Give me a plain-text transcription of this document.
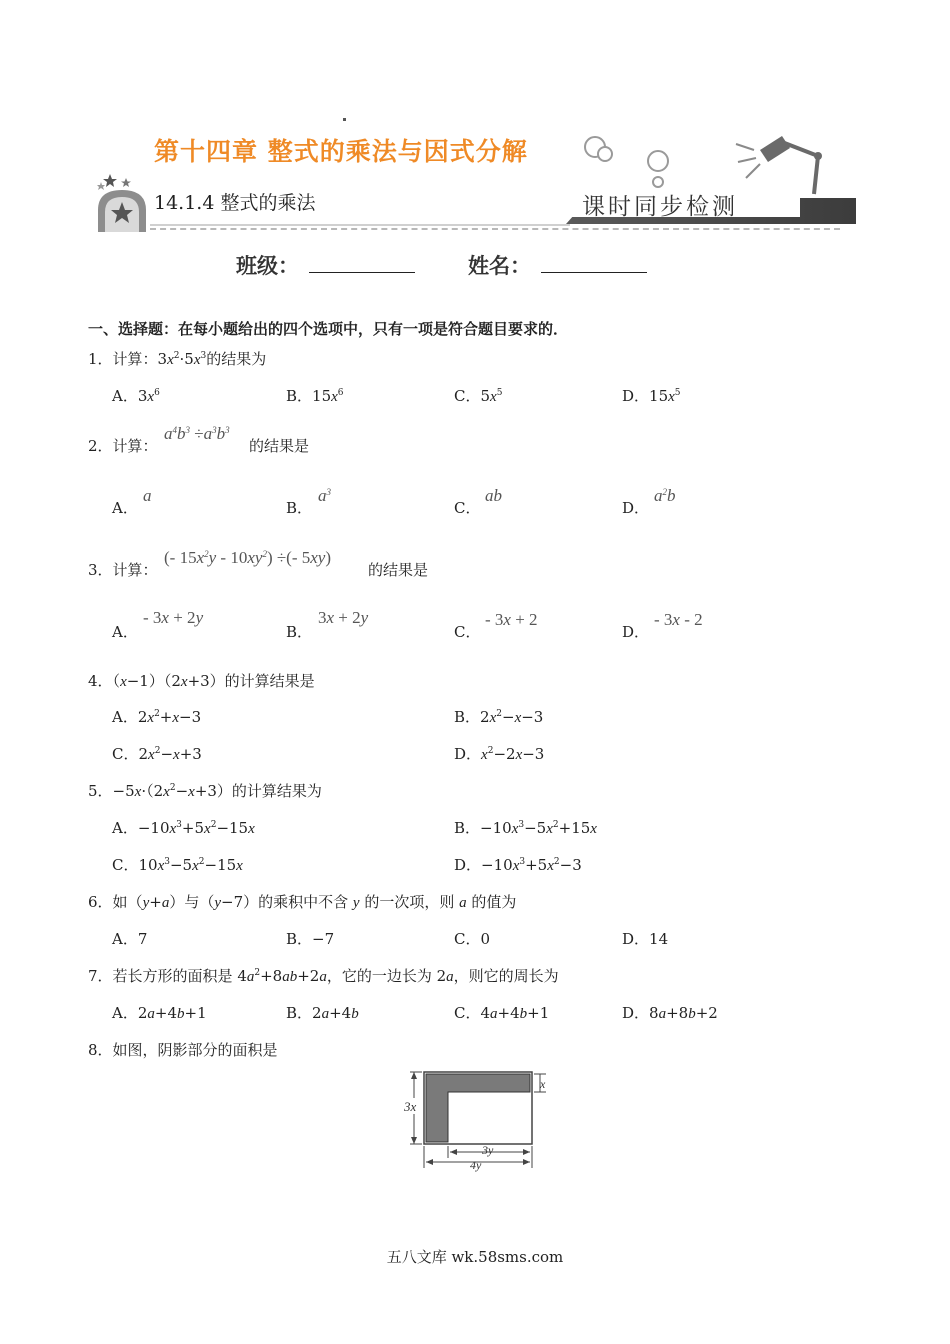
第十四章 整式的乘法与因式分解
14.1.4 整式的乘法	课时同步检测
班级：	姓名：
一、选择题：在每小题给出的四个选项中，只有一项是符合题目要求的．
1．计算：$3x^2\cdot 5x^3$的结果为
A．$3x^6$	B．$15x^6$	C．$5x^5$	D．$15x^5$
2．计算：
$a^4b^3 \div a^3b^3$
的结果是
A．
a
B．
$a^3$
C．
ab
D．
$a^2b$
3．计算：
(- $15x^2y - 10xy^2$) ÷(- 5xy)
的结果是
A．
- 3x + 2y
B．
3x + 2y
C．
- 3x + 2
D．
- 3x - 2
4．（x−1）（2x+3）的计算结果是
A．$2x^2+x-3$	B．$2x^2-x-3$
C．$2x^2-x+3$	D．$x^2-2x-3$
5．$-5x\cdot(2x^2-x+3)$的计算结果为
A．$-10x^3+5x^2-15x$	B．$-10x^3-5x^2+15x$
C．$10x^3-5x^2-15x$	D．$-10x^3+5x^2-3$
6．如（y+a）与（y−7）的乘积中不含 y 的一次项，则 a 的值为
A．7	B．−7	C．0	D．14
7．若长方形的面积是 $4a^2+8ab+2a$，它的一边长为 2a，则它的周长为
A．2a+4b+1	B．2a+4b	C．4a+4b+1	D．8a+8b+2
8．如图，阴影部分的面积是
3x
x
3y
4y
五八文库 wk.58sms.com
